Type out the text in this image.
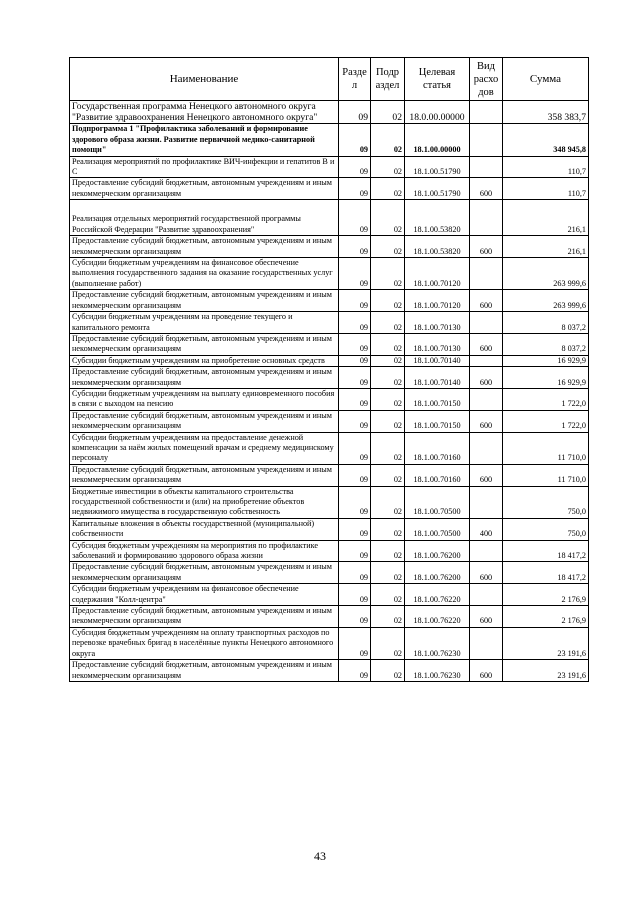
Наименование	Разде л	Подр аздел	Целевая статья	Вид расхо дов	Сумма
Государственная программа Ненецкого автономного округа "Развитие здравоохранения Ненецкого автономного округа"	09	02	18.0.00.00000		358 383,7
Подпрограмма 1 "Профилактика заболеваний и формирование здорового образа жизни. Развитие первичной медико-санитарной помощи"	09	02	18.1.00.00000		348 945,8
Реализация мероприятий по профилактике ВИЧ-инфекции и гепатитов В и С	09	02	18.1.00.51790		110,7
Предоставление субсидий бюджетным, автономным учреждениям и иным некоммерческим организациям	09	02	18.1.00.51790	600	110,7
Реализация отдельных мероприятий государственной программы Российской Федерации "Развитие здравоохранения"	09	02	18.1.00.53820		216,1
Предоставление субсидий бюджетным, автономным учреждениям и иным некоммерческим организациям	09	02	18.1.00.53820	600	216,1
Субсидии бюджетным учреждениям на финансовое обеспечение выполнения государственного задания на оказание государственных услуг (выполнение работ)	09	02	18.1.00.70120		263 999,6
Предоставление субсидий бюджетным, автономным учреждениям и иным некоммерческим организациям	09	02	18.1.00.70120	600	263 999,6
Субсидии бюджетным учреждениям на проведение текущего и капитального ремонта	09	02	18.1.00.70130		8 037,2
Предоставление субсидий бюджетным, автономным учреждениям и иным некоммерческим организациям	09	02	18.1.00.70130	600	8 037,2
Субсидии бюджетным учреждениям на приобретение основных средств	09	02	18.1.00.70140		16 929,9
Предоставление субсидий бюджетным, автономным учреждениям и иным некоммерческим организациям	09	02	18.1.00.70140	600	16 929,9
Субсидии бюджетным учреждениям на выплату единовременного пособия в связи с выходом на пенсию	09	02	18.1.00.70150		1 722,0
Предоставление субсидий бюджетным, автономным учреждениям и иным некоммерческим организациям	09	02	18.1.00.70150	600	1 722,0
Субсидии бюджетным учреждениям на предоставление денежной компенсации за наём жилых помещений врачам и среднему медицинскому персоналу	09	02	18.1.00.70160		11 710,0
Предоставление субсидий бюджетным, автономным учреждениям и иным некоммерческим организациям	09	02	18.1.00.70160	600	11 710,0
Бюджетные инвестиции в объекты капитального строительства государственной собственности и (или) на приобретение объектов недвижимого имущества в государственную собственность	09	02	18.1.00.70500		750,0
Капитальные вложения в объекты государственной (муниципальной) собственности	09	02	18.1.00.70500	400	750,0
Субсидия бюджетным учреждениям на мероприятия по профилактике заболеваний и формированию здорового образа жизни	09	02	18.1.00.76200		18 417,2
Предоставление субсидий бюджетным, автономным учреждениям и иным некоммерческим организациям	09	02	18.1.00.76200	600	18 417,2
Субсидии бюджетным учреждениям на финансовое обеспечение содержания "Колл-центра"	09	02	18.1.00.76220		2 176,9
Предоставление субсидий бюджетным, автономным учреждениям и иным некоммерческим организациям	09	02	18.1.00.76220	600	2 176,9
Субсидия бюджетным учреждениям на оплату транспортных расходов по перевозке врачебных бригад в населённые пункты Ненецкого автономного округа	09	02	18.1.00.76230		23 191,6
Предоставление субсидий бюджетным, автономным учреждениям и иным некоммерческим организациям	09	02	18.1.00.76230	600	23 191,6
43
